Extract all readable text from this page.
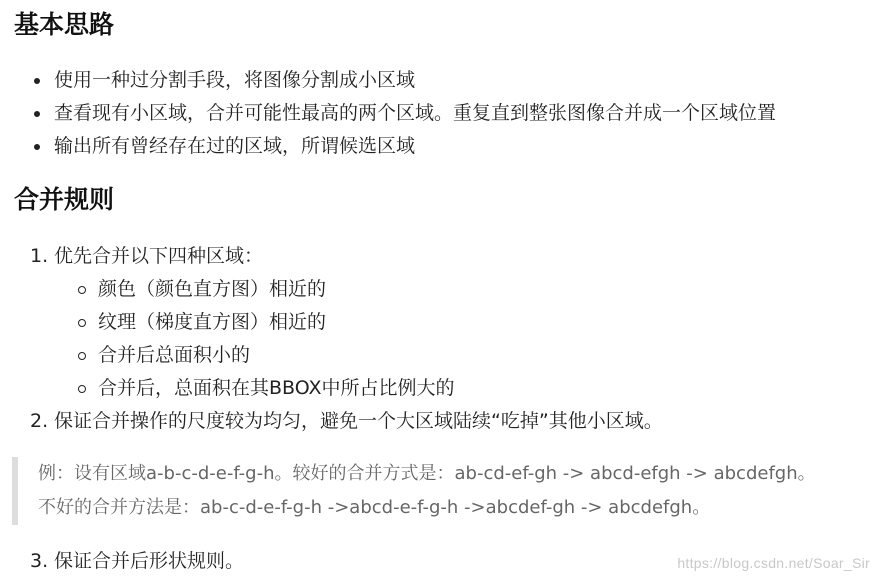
基本思路
使用一种过分割手段，将图像分割成小区域
查看现有小区域，合并可能性最高的两个区域。重复直到整张图像合并成一个区域位置
输出所有曾经存在过的区域，所谓候选区域
合并规则
1. 优先合并以下四种区域：
颜色（颜色直方图）相近的
纹理（梯度直方图）相近的
合并后总面积小的
合并后，总面积在其BBOX中所占比例大的
2. 保证合并操作的尺度较为均匀，避免一个大区域陆续“吃掉”其他小区域。

例：设有区域a-b-c-d-e-f-g-h。较好的合并方式是：ab-cd-ef-gh -> abcd-efgh -> abcdefgh。

不好的合并方法是：ab-c-d-e-f-g-h ->abcd-e-f-g-h ->abcdef-gh -> abcdefgh。

3. 保证合并后形状规则。	https://blog.csdn.net/Soar_Sir
